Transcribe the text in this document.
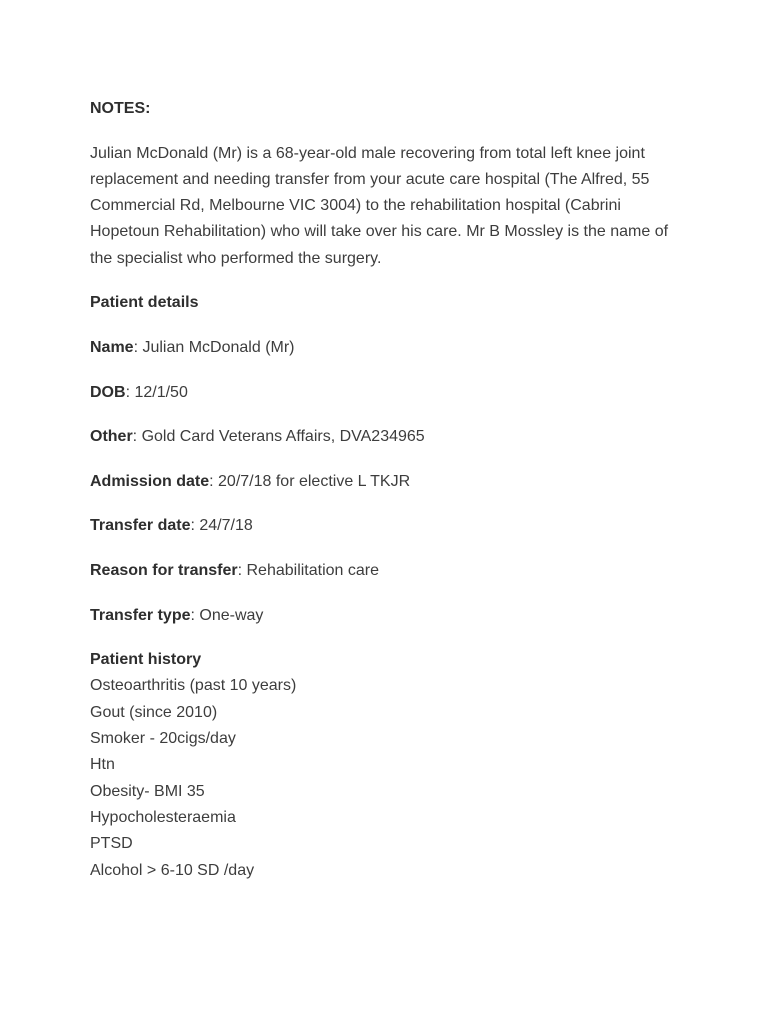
NOTES:

Julian McDonald (Mr) is a 68-year-old male recovering from total left knee joint replacement and needing transfer from your acute care hospital (The Alfred, 55 Commercial Rd, Melbourne VIC 3004) to the rehabilitation hospital (Cabrini Hopetoun Rehabilitation) who will take over his care. Mr B Mossley is the name of the specialist who performed the surgery.

Patient details

Name: Julian McDonald (Mr)

DOB: 12/1/50

Other: Gold Card Veterans Affairs, DVA234965

Admission date: 20/7/18 for elective L TKJR

Transfer date: 24/7/18

Reason for transfer: Rehabilitation care

Transfer type: One-way

Patient history
Osteoarthritis (past 10 years)
Gout (since 2010)
Smoker - 20cigs/day
Htn
Obesity- BMI 35
Hypocholesteraemia
PTSD
Alcohol > 6-10 SD /day
